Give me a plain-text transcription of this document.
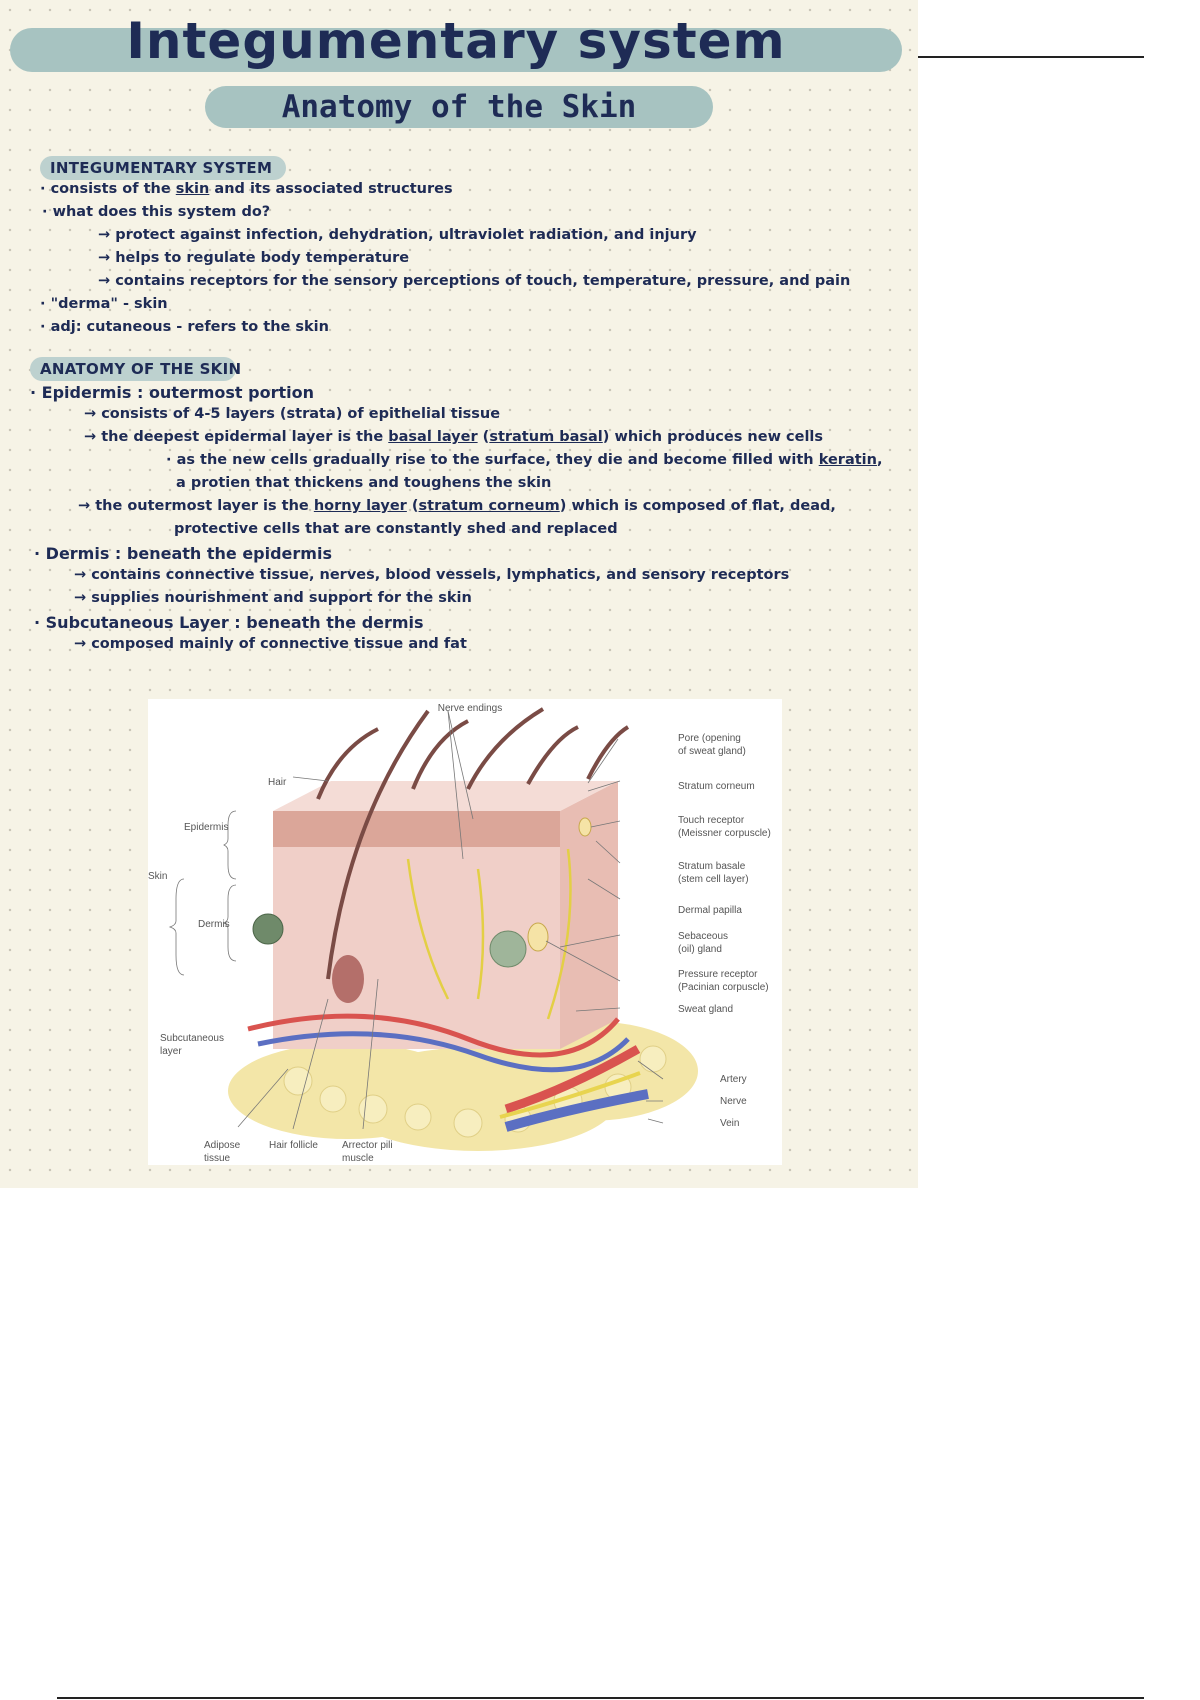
Integumentary system
Anatomy of the Skin
INTEGUMENTARY SYSTEM
· consists of the skin and its associated structures
· what does this system do?
→ protect against infection, dehydration, ultraviolet radiation, and injury
→ helps to regulate body temperature
→ contains receptors for the sensory perceptions of touch, temperature, pressure, and pain
· "derma" - skin
· adj: cutaneous - refers to the skin
ANATOMY OF THE SKIN
· Epidermis : outermost portion
→ consists of 4-5 layers (strata) of epithelial tissue
→ the deepest epidermal layer is the basal layer (stratum basal) which produces new cells
· as the new cells gradually rise to the surface, they die and become filled with keratin,
a protien that thickens and toughens the skin
→ the outermost layer is the horny layer (stratum corneum) which is composed of flat, dead,
protective cells that are constantly shed and replaced
· Dermis : beneath the epidermis
→ contains connective tissue, nerves, blood vessels, lymphatics, and sensory receptors
→ supplies nourishment and support for the skin
· Subcutaneous Layer : beneath the dermis
→ composed mainly of connective tissue and fat
Nerve endings
Hair
Epidermis
Skin
Dermis
Subcutaneous
layer
Adipose
tissue
Hair follicle Arrector pili
muscle
Pore (opening
of sweat gland)
Stratum corneum
Touch receptor
(Meissner corpuscle)
Stratum basale
(stem cell layer)
Dermal papilla
Sebaceous
(oil) gland
Pressure receptor
(Pacinian corpuscle)
Sweat gland
Artery
Nerve
Vein
